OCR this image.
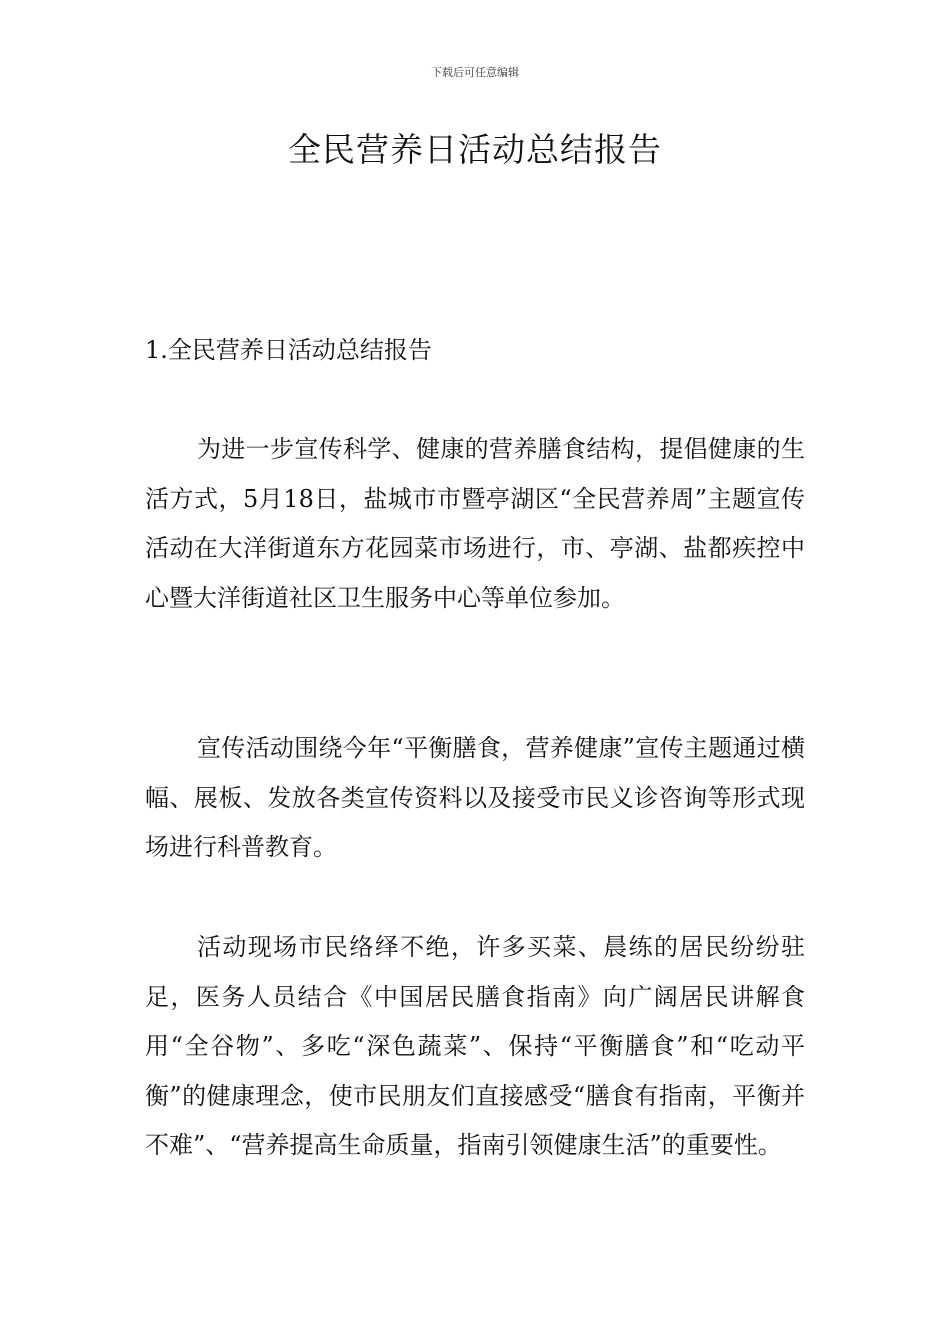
下载后可任意编辑
全民营养日活动总结报告
1.全民营养日活动总结报告

为进一步宣传科学、健康的营养膳食结构，提倡健康的生活方式，5月18日，盐城市市暨亭湖区“全民营养周”主题宣传活动在大洋街道东方花园菜市场进行，市、亭湖、盐都疾控中心暨大洋街道社区卫生服务中心等单位参加。

宣传活动围绕今年“平衡膳食，营养健康”宣传主题通过横幅、展板、发放各类宣传资料以及接受市民义诊咨询等形式现场进行科普教育。

活动现场市民络绎不绝，许多买菜、晨练的居民纷纷驻足，医务人员结合《中国居民膳食指南》向广阔居民讲解食用“全谷物”、多吃“深色蔬菜”、保持“平衡膳食”和“吃动平衡”的健康理念，使市民朋友们直接感受“膳食有指南，平衡并不难”、“营养提高生命质量，指南引领健康生活”的重要性。
